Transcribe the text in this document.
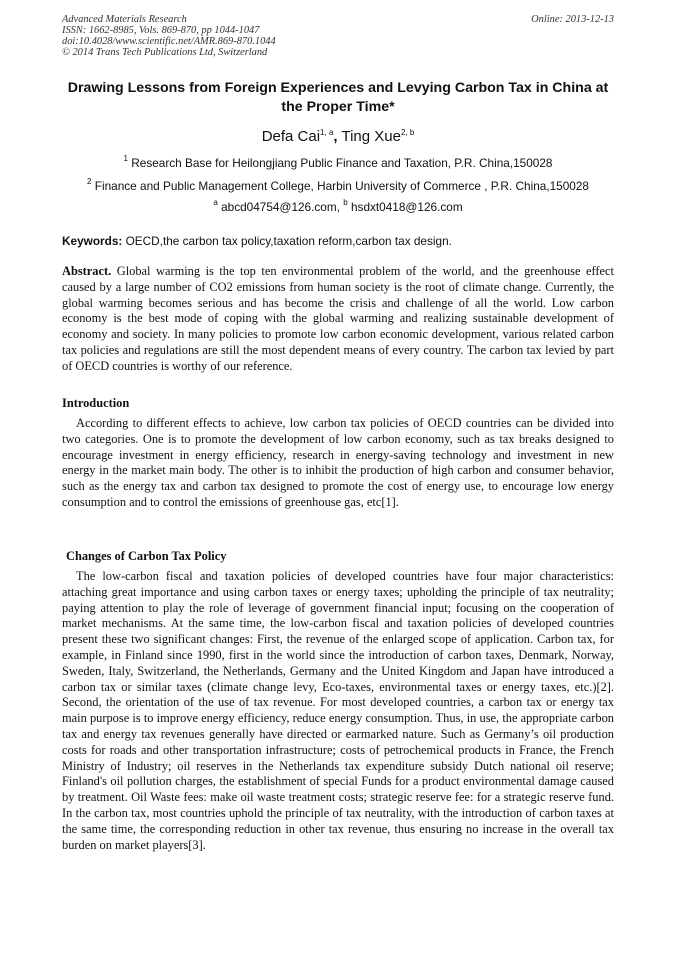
Advanced Materials Research
ISSN: 1662-8985, Vols. 869-870, pp 1044-1047
doi:10.4028/www.scientific.net/AMR.869-870.1044
© 2014 Trans Tech Publications Ltd, Switzerland
Online: 2013-12-13
Drawing Lessons from Foreign Experiences and Levying Carbon Tax in China at the Proper Time*
Defa Cai$^{1, a}$, Ting Xue$^{2, b}$
$^1$ Research Base for Heilongjiang Public Finance and Taxation, P.R. China,150028
$^2$ Finance and Public Management College, Harbin University of Commerce , P.R. China,150028
$^a$ abcd04754@126.com, $^b$ hsdxt0418@126.com
Keywords: OECD,the carbon tax policy,taxation reform,carbon tax design.
Abstract. Global warming is the top ten environmental problem of the world, and the greenhouse effect caused by a large number of CO2 emissions from human society is the root of climate change. Currently, the global warming becomes serious and has become the crisis and challenge of all the world. Low carbon economy is the best mode of coping with the global warming and realizing sustainable development of economy and society. In many policies to promote low carbon economic development, various related carbon tax policies and regulations are still the most dependent means of every country. The carbon tax levied by part of OECD countries is worthy of our reference.
Introduction
According to different effects to achieve, low carbon tax policies of OECD countries can be divided into two categories. One is to promote the development of low carbon economy, such as tax breaks designed to encourage investment in energy efficiency, research in energy-saving technology and investment in new energy in the market main body. The other is to inhibit the production of high carbon and consumer behavior, such as the energy tax and carbon tax designed to promote the cost of energy use, to encourage low energy consumption and to control the emissions of greenhouse gas, etc[1].
Changes of Carbon Tax Policy
The low-carbon fiscal and taxation policies of developed countries have four major characteristics: attaching great importance and using carbon taxes or energy taxes; upholding the principle of tax neutrality; paying attention to play the role of leverage of government financial input; focusing on the cooperation of market mechanisms. At the same time, the low-carbon fiscal and taxation policies of developed countries present these two significant changes: First, the revenue of the enlarged scope of application. Carbon tax, for example, in Finland since 1990, first in the world since the introduction of carbon taxes, Denmark, Norway, Sweden, Italy, Switzerland, the Netherlands, Germany and the United Kingdom and Japan have introduced a carbon tax or similar taxes (climate change levy, Eco-taxes, environmental taxes or energy taxes, etc.)[2]. Second, the orientation of the use of tax revenue. For most developed countries, a carbon tax or energy tax main purpose is to improve energy efficiency, reduce energy consumption. Thus, in use, the appropriate carbon tax and energy tax revenues generally have directed or earmarked nature. Such as Germany’s oil production costs for roads and other transportation infrastructure; costs of petrochemical products in France, the French Ministry of Industry; oil reserves in the Netherlands tax expenditure subsidy Dutch national oil reserve; Finland's oil pollution charges, the establishment of special Funds for a product environmental damage caused by treatment. Oil Waste fees: make oil waste treatment costs; strategic reserve fee: for a strategic reserve fund. In the carbon tax, most countries uphold the principle of tax neutrality, with the introduction of carbon taxes at the same time, the corresponding reduction in other tax revenue, thus ensuring no increase in the overall tax burden on market players[3].
